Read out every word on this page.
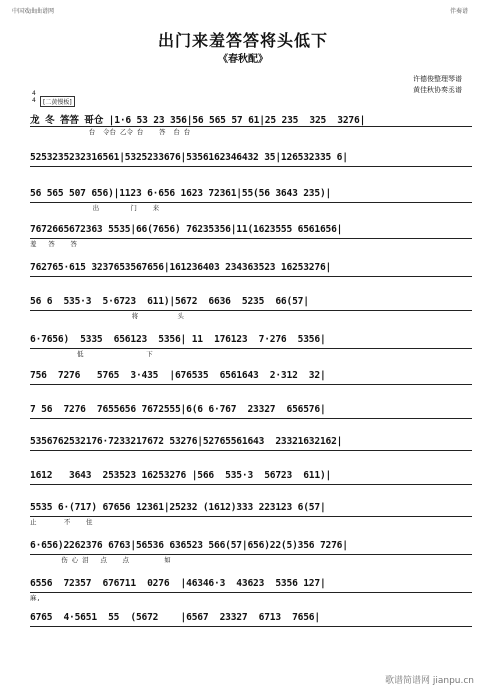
中国戏曲曲谱网	伴奏谱
出门来羞答答将头低下
《春秋配》
许德俊整理琴谱
黄佳秋协奏丞谱
4
4	[二黄慢板]
龙 冬 答答 哥仓 |1·6 53 23 356|56 565 57 61|25 235  325  3276|
台  令台 乙令 台    答  台 台
5253235232316561|5325233676|5356162346432 35|126532335 6|
56 565 507 656)|1123 6·656 1623 72361|55(56 3643 235)|
出        门    来
7672665672363 5535|66(7656) 76235356|11(1623555 6561656|
羞   答    答
762765·615 3237653567656|161236403 234363523 16253276|
56 6  535·3  5·6723  611)|5672  6636  5235  66(57|
将          头
6·7656)  5335  656123  5356| 11  176123  7·276  5356|
低                下
756  7276   5765  3·435  |676535  6561643  2·312  32|
7 56  7276  7655656 7672555|6(6 6·767  23327  656576|
5356762532176·7233217672 53276|52765561643  23321632162|
1612   3643  253523 16253276 |566  535·3  56723  611)|
5535 6·(717) 67656 12361|25232 (1612)333 223123 6(57|
止       不    住
6·656)2262376 6763|56536 636523 566(57|656)22(5)356 7276|
伤 心 泪   点    点         如
6556  72357  676711  0276  |46346·3  43623  5356 127|
麻,
6765  4·5651  55  (5672    |6567  23327  6713  7656|
歌谱简谱网 jianpu.cn
